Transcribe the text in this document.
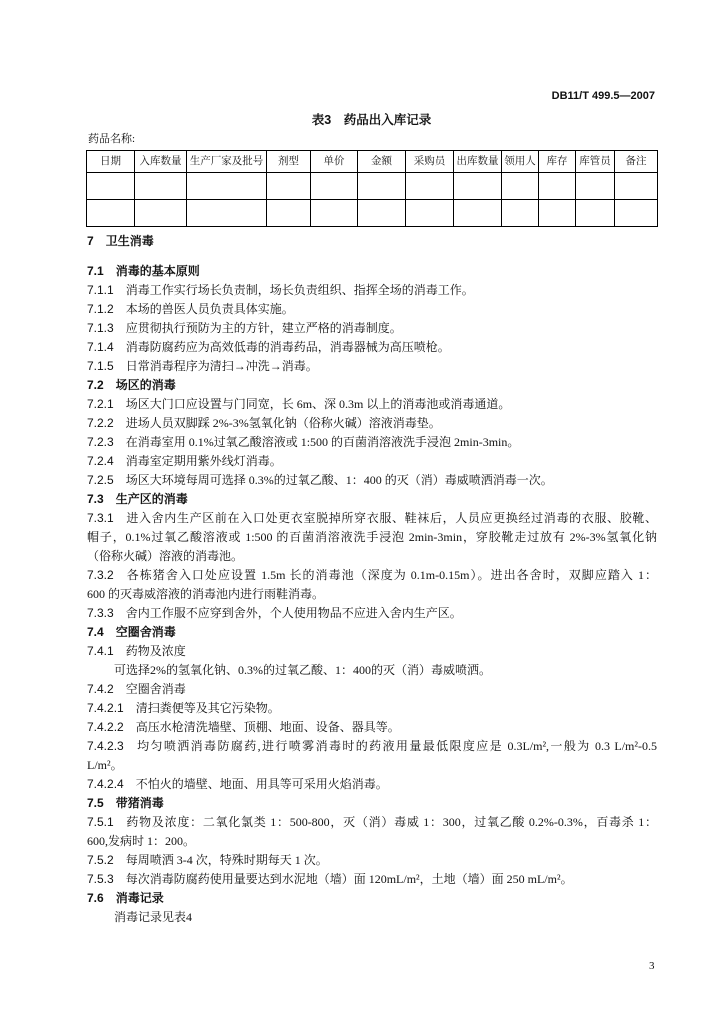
DB11/T 499.5—2007
表3　药品出入库记录
药品名称:
日期	入库数量	生产厂家及批号	剂型	单价	金额	采购员	出库数量	领用人	库存	库管员	备注

7 卫生消毒
7.1 消毒的基本原则
7.1.1 消毒工作实行场长负责制，场长负责组织、指挥全场的消毒工作。
7.1.2 本场的兽医人员负责具体实施。
7.1.3 应贯彻执行预防为主的方针，建立严格的消毒制度。
7.1.4 消毒防腐药应为高效低毒的消毒药品，消毒器械为高压喷枪。
7.1.5 日常消毒程序为清扫→冲洗→消毒。
7.2 场区的消毒
7.2.1 场区大门口应设置与门同宽，长 6m、深 0.3m 以上的消毒池或消毒通道。
7.2.2 进场人员双脚踩 2%-3%氢氧化钠（俗称火碱）溶液消毒垫。
7.2.3 在消毒室用 0.1%过氧乙酸溶液或 1:500 的百菌消溶液洗手浸泡 2min-3min。
7.2.4 消毒室定期用紫外线灯消毒。
7.2.5 场区大环境每周可选择 0.3%的过氧乙酸、1：400 的灭（消）毒威喷洒消毒一次。
7.3 生产区的消毒
7.3.1 进入舍内生产区前在入口处更衣室脱掉所穿衣服、鞋袜后，人员应更换经过消毒的衣服、胶靴、
帽子，0.1%过氧乙酸溶液或 1:500 的百菌消溶液洗手浸泡 2min-3min，穿胶靴走过放有 2%-3%氢氧化钠
（俗称火碱）溶液的消毒池。
7.3.2 各栋猪舍入口处应设置 1.5m 长的消毒池（深度为 0.1m-0.15m）。进出各舍时，双脚应踏入 1：
600 的灭毒威溶液的消毒池内进行雨鞋消毒。
7.3.3 舍内工作服不应穿到舍外，个人使用物品不应进入舍内生产区。
7.4 空圈舍消毒
7.4.1 药物及浓度
可选择2%的氢氧化钠、0.3%的过氧乙酸、1：400的灭（消）毒威喷洒。
7.4.2 空圈舍消毒
7.4.2.1 清扫粪便等及其它污染物。
7.4.2.2 高压水枪清洗墙壁、顶棚、地面、设备、器具等。
7.4.2.3 均匀喷洒消毒防腐药,进行喷雾消毒时的药液用量最低限度应是 0.3L/m²,一般为 0.3 L/m²-0.5
L/m²。
7.4.2.4 不怕火的墙壁、地面、用具等可采用火焰消毒。
7.5 带猪消毒
7.5.1 药物及浓度：二氧化氯类 1：500-800，灭（消）毒威 1：300，过氧乙酸 0.2%-0.3%，百毒杀 1：
600,发病时 1：200。
7.5.2 每周喷洒 3-4 次，特殊时期每天 1 次。
7.5.3 每次消毒防腐药使用量要达到水泥地（墙）面 120mL/m²，土地（墙）面 250 mL/m²。
7.6 消毒记录
消毒记录见表4
3
